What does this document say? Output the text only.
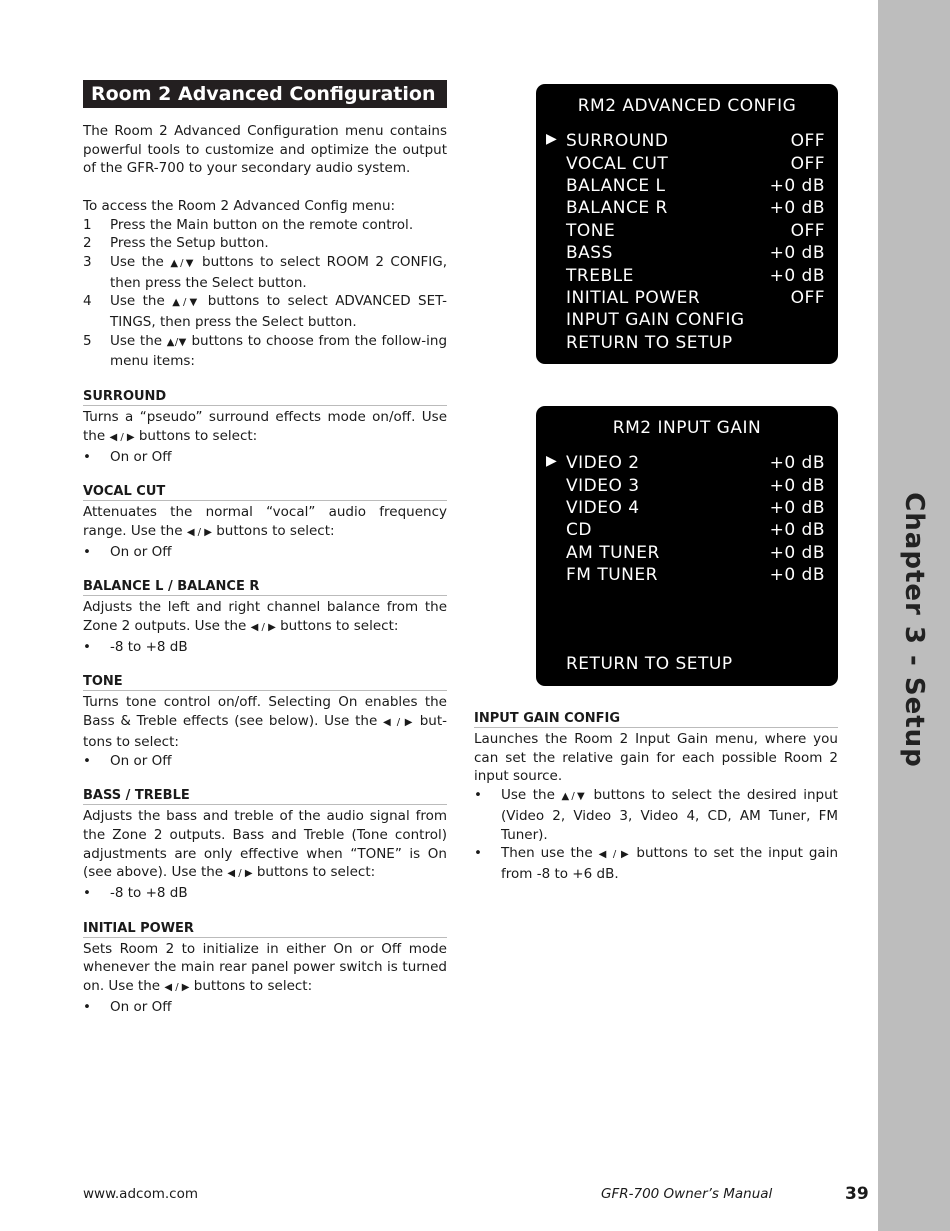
Chapter 3 - Setup
Room 2 Advanced Configuration

The Room 2 Advanced Configuration menu contains powerful tools to customize and optimize the output of the GFR-700 to your secondary audio system.

To access the Room 2 Advanced Config menu:

1	Press the Main button on the remote control.
2	Press the Setup button.
3	Use the ▲/▼ buttons to select ROOM 2 CONFIG, then press the Select button.
4	Use the ▲/▼ buttons to select ADVANCED SET-TINGS, then press the Select button.
5	Use the ▲/▼ buttons to choose from the follow-ing menu items:
SURROUND

Turns a “pseudo” surround effects mode on/off. Use the ◀ / ▶ buttons to select:

•	On or Off
VOCAL CUT

Attenuates the normal “vocal” audio frequency range. Use the ◀ / ▶ buttons to select:

•	On or Off
BALANCE L / BALANCE R

Adjusts the left and right channel balance from the Zone 2 outputs. Use the ◀ / ▶ buttons to select:

•	-8 to +8 dB
TONE

Turns tone control on/off. Selecting On enables the Bass & Treble effects (see below). Use the ◀ / ▶ but-tons to select:

•	On or Off
BASS / TREBLE

Adjusts the bass and treble of the audio signal from the Zone 2 outputs. Bass and Treble (Tone control) adjustments are only effective when “TONE” is On (see above). Use the ◀ / ▶ buttons to select:

•	-8 to +8 dB
INITIAL POWER

Sets Room 2 to initialize in either On or Off mode whenever the main rear panel power switch is turned on. Use the ◀ / ▶ buttons to select:

•	On or Off
RM2 ADVANCED CONFIG
▶ SURROUND	OFF
VOCAL CUT	OFF
BALANCE L	+0 dB
BALANCE R	+0 dB
TONE	OFF
BASS	+0 dB
TREBLE	+0 dB
INITIAL POWER	OFF
INPUT GAIN CONFIG
RETURN TO SETUP
RM2 INPUT GAIN
▶ VIDEO 2	+0 dB
VIDEO 3	+0 dB
VIDEO 4	+0 dB
CD	+0 dB
AM TUNER	+0 dB
FM TUNER	+0 dB
RETURN TO SETUP
INPUT GAIN CONFIG

Launches the Room 2 Input Gain menu, where you can set the relative gain for each possible Room 2 input source.

•	Use the ▲/▼ buttons to select the desired input (Video 2, Video 3, Video 4, CD, AM Tuner, FM Tuner).
•	Then use the ◀ / ▶ buttons to set the input gain from -8 to +6 dB.
www.adcom.com	GFR-700 Owner’s Manual	39
